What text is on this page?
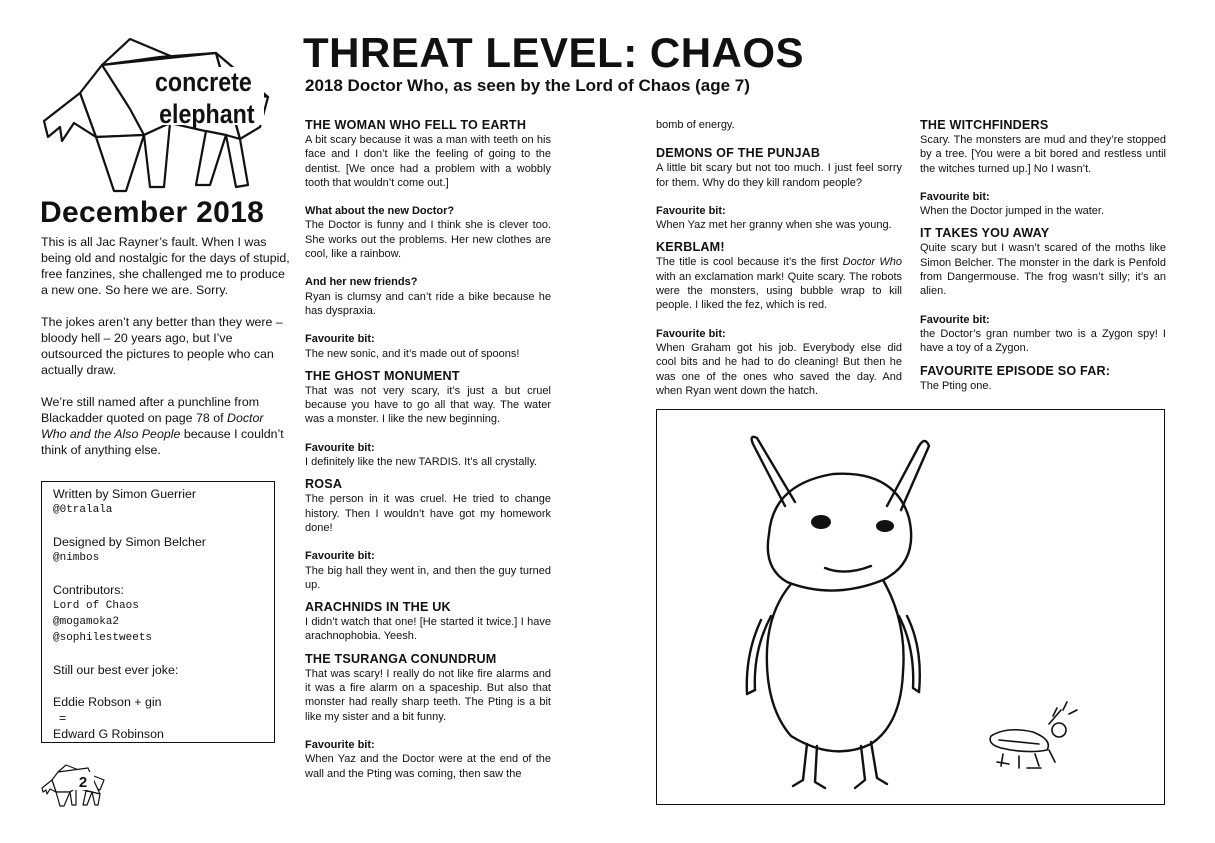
concrete
elephant
December 2018

This is all Jac Rayner’s fault. When I was being old and nostalgic for the days of stupid, free fanzines, she challenged me to produce a new one. So here we are. Sorry.

The jokes aren’t any better than they were – bloody hell – 20 years ago, but I’ve outsourced the pictures to people who can actually draw.

We’re still named after a punchline from Blackadder quoted on page 78 of Doctor Who and the Also People because I couldn’t think of anything else.

Written by Simon Guerrier
@0tralala
Designed by Simon Belcher
@nimbos
Contributors:
Lord of Chaos
@mogamoka2
@sophilestweets
Still our best ever joke:
Eddie Robson + gin
=
Edward G Robinson
2
THREAT LEVEL: CHAOS
2018 Doctor Who, as seen by the Lord of Chaos (age 7)
THE WOMAN WHO FELL TO EARTH

A bit scary because it was a man with teeth on his face and I don’t like the feeling of going to the dentist. [We once had a problem with a wobbly tooth that wouldn’t come out.]

What about the new Doctor?

The Doctor is funny and I think she is clever too. She works out the problems. Her new clothes are cool, like a rainbow.

And her new friends?

Ryan is clumsy and can’t ride a bike because he has dyspraxia.

Favourite bit:

The new sonic, and it’s made out of spoons!

THE GHOST MONUMENT

That was not very scary, it’s just a but cruel because you have to go all that way. The water was a monster. I like the new beginning.

Favourite bit:

I definitely like the new TARDIS. It’s all crystally.

ROSA

The person in it was cruel. He tried to change history. Then I wouldn’t have got my homework done!

Favourite bit:

The big hall they went in, and then the guy turned up.

ARACHNIDS IN THE UK

I didn’t watch that one! [He started it twice.] I have arachnophobia. Yeesh.

THE TSURANGA CONUNDRUM

That was scary! I really do not like fire alarms and it was a fire alarm on a spaceship. But also that monster had really sharp teeth. The Pting is a bit like my sister and a bit funny.

Favourite bit:

When Yaz and the Doctor were at the end of the wall and the Pting was coming, then saw the

bomb of energy.

DEMONS OF THE PUNJAB

A little bit scary but not too much. I just feel sorry for them. Why do they kill random people?

Favourite bit:

When Yaz met her granny when she was young.

KERBLAM!

The title is cool because it’s the first Doctor Who with an exclamation mark! Quite scary. The robots were the monsters, using bubble wrap to kill people. I liked the fez, which is red.

Favourite bit:

When Graham got his job. Everybody else did cool bits and he had to do cleaning! But then he was one of the ones who saved the day. And when Ryan went down the hatch.

THE WITCHFINDERS

Scary. The monsters are mud and they’re stopped by a tree. [You were a bit bored and restless until the witches turned up.] No I wasn’t.

Favourite bit:

When the Doctor jumped in the water.

IT TAKES YOU AWAY

Quite scary but I wasn’t scared of the moths like Simon Belcher. The monster in the dark is Penfold from Dangermouse. The frog wasn’t silly; it’s an alien.

Favourite bit:

the Doctor’s gran number two is a Zygon spy! I have a toy of a Zygon.

FAVOURITE EPISODE SO FAR:

The Pting one.
